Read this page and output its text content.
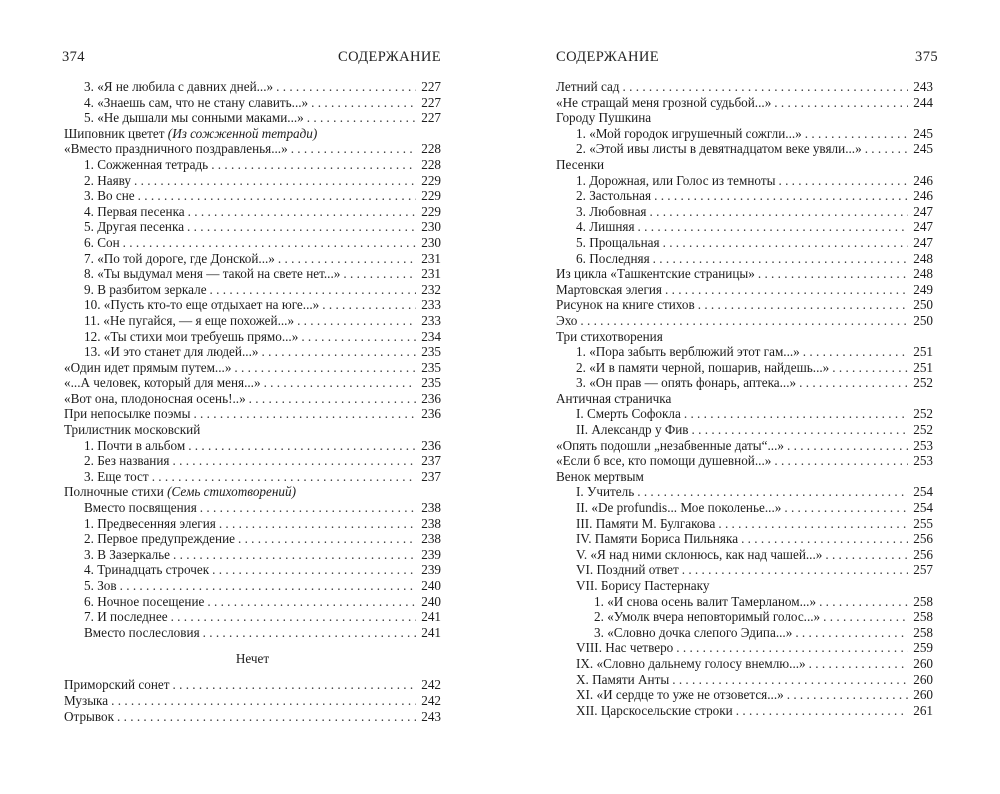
374	СОДЕРЖАНИЕ
3. «Я не любила с давних дней...» . . .	227
4. «Знаешь сам, что не стану славить...» . . .	227
5. «Не дышали мы сонными маками...» . . .	227
Шиповник цветет (Из сожженной тетради)
«Вместо праздничного поздравленья...» . . .	228
1. Сожженная тетрадь . . .	228
2. Наяву . . .	229
3. Во сне . . .	229
4. Первая песенка . . .	229
5. Другая песенка . . .	230
6. Сон . . .	230
7. «По той дороге, где Донской...» . . .	231
8. «Ты выдумал меня — такой на свете нет...» . . .	231
9. В разбитом зеркале . . .	232
10. «Пусть кто-то еще отдыхает на юге...» . . .	233
11. «Не пугайся, — я еще похожей...» . . .	233
12. «Ты стихи мои требуешь прямо...» . . .	234
13. «И это станет для людей...» . . .	235
«Один идет прямым путем...» . . .	235
«...А человек, который для меня...» . . .	235
«Вот она, плодоносная осень!..» . . .	236
При непосылке поэмы . . .	236
Трилистник московский
1. Почти в альбом . . .	236
2. Без названия . . .	237
3. Еще тост . . .	237
Полночные стихи (Семь стихотворений)
Вместо посвящения . . .	238
1. Предвесенняя элегия . . .	238
2. Первое предупреждение . . .	238
3. В Зазеркалье . . .	239
4. Тринадцать строчек . . .	239
5. Зов . . .	240
6. Ночное посещение . . .	240
7. И последнее . . .	241
Вместо послесловия . . .	241
Нечет
Приморский сонет . . .	242
Музыка . . .	242
Отрывок . . .	243
375
СОДЕРЖАНИЕ
Летний сад . . .	243
«Не стращай меня грозной судьбой...» . . .	244
Городу Пушкина
1. «Мой городок игрушечный сожгли...» . . .	245
2. «Этой ивы листы в девятнадцатом веке увяли...» . . .	245
Песенки
1. Дорожная, или Голос из темноты . . .	246
2. Застольная . . .	246
3. Любовная . . .	247
4. Лишняя . . .	247
5. Прощальная . . .	247
6. Последняя . . .	248
Из цикла «Ташкентские страницы» . . .	248
Мартовская элегия . . .	249
Рисунок на книге стихов . . .	250
Эхо . . .	250
Три стихотворения
1. «Пора забыть верблюжий этот гам...» . . .	251
2. «И в памяти черной, пошарив, найдешь...» . . .	251
3. «Он прав — опять фонарь, аптека...» . . .	252
Античная страничка
I. Смерть Софокла . . .	252
II. Александр у Фив . . .	252
«Опять подошли „незабвенные даты“...» . . .	253
«Если б все, кто помощи душевной...» . . .	253
Венок мертвым
I. Учитель . . .	254
II. «De profundis... Мое поколенье...» . . .	254
III. Памяти М. Булгакова . . .	255
IV. Памяти Бориса Пильняка . . .	256
V. «Я над ними склонюсь, как над чашей...» . . .	256
VI. Поздний ответ . . .	257
VII. Борису Пастернаку
1. «И снова осень валит Тамерланом...» . . .	258
2. «Умолк вчера неповторимый голос...» . . .	258
3. «Словно дочка слепого Эдипа...» . . .	258
VIII. Нас четверо . . .	259
IX. «Словно дальнему голосу внемлю...» . . .	260
X. Памяти Анты . . .	260
XI. «И сердце то уже не отзовется...» . . .	260
XII. Царскосельские строки . . .	261
